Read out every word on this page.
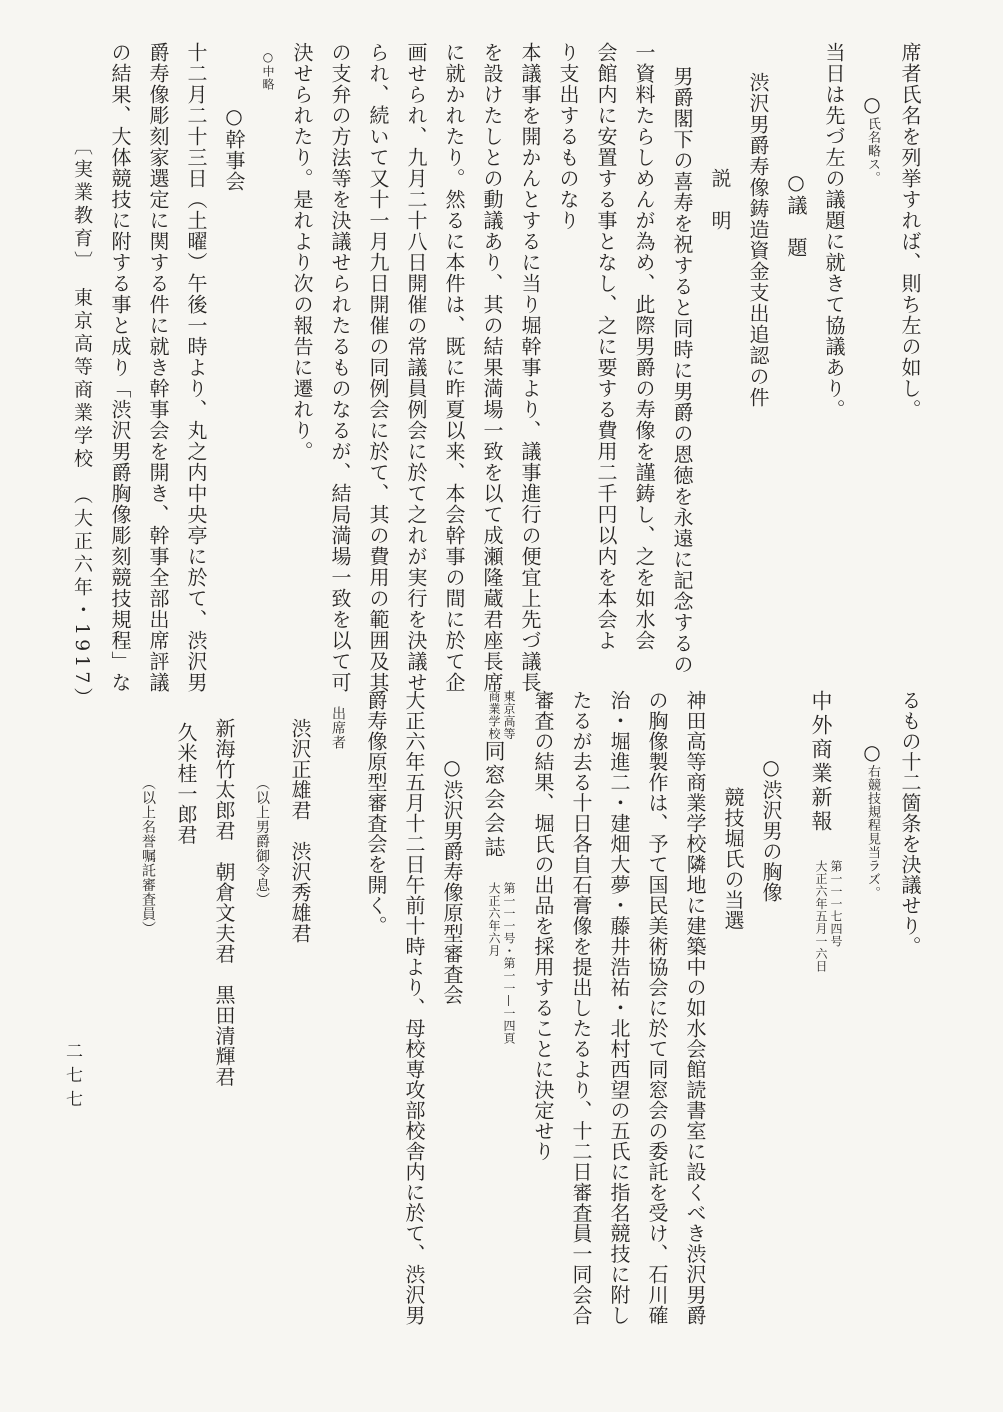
席者氏名を列挙すれば、則ち左の如し。
○氏名略ス。
当日は先づ左の議題に就きて協議あり。
○議　題
渋沢男爵寿像鋳造資金支出追認の件
説　明
男爵閣下の喜寿を祝すると同時に男爵の恩徳を永遠に記念するの
一資料たらしめんが為め、此際男爵の寿像を謹鋳し、之を如水会
会館内に安置する事となし、之に要する費用二千円以内を本会よ
り支出するものなり
本議事を開かんとするに当り堀幹事より、議事進行の便宜上先づ議長
を設けたしとの動議あり、其の結果満場一致を以て成瀬隆蔵君座長席
に就かれたり。然るに本件は、既に昨夏以来、本会幹事の間に於て企
画せられ、九月二十八日開催の常議員例会に於て之れが実行を決議せ
られ、続いて又十一月九日開催の同例会に於て、其の費用の範囲及其
の支弁の方法等を決議せられたるものなるが、結局満場一致を以て可
決せられたり。是れより次の報告に遷れり。
○中略
○幹事会
十二月二十三日（土曜）午後一時より、丸之内中央亭に於て、渋沢男
爵寿像彫刻家選定に関する件に就き幹事会を開き、幹事全部出席評議
の結果、大体競技に附する事と成り「渋沢男爵胸像彫刻競技規程」な
〔実業教育〕　東京高等商業学校　（大正六年・1917）
るもの十二箇条を決議せり。
○右競技規程見当ラズ。
中外商業新報第一一一七四号
大正六年五月一六日
○渋沢男の胸像
競技堀氏の当選
神田高等商業学校隣地に建築中の如水会館読書室に設くべき渋沢男爵
の胸像製作は、予て国民美術協会に於て同窓会の委託を受け、石川確
治・堀進二・建畑大夢・藤井浩祐・北村西望の五氏に指名競技に附し
たるが去る十日各自石膏像を提出したるより、十二日審査員一同会合
審査の結果、堀氏の出品を採用することに決定せり
東京高等
商業学校同窓会会誌第一一一号・第一一—一四頁
大正六年六月
○渋沢男爵寿像原型審査会
大正六年五月十二日午前十時より、母校専攻部校舎内に於て、渋沢男
爵寿像原型審査会を開く。
出席者
渋沢正雄君　渋沢秀雄君
（以上男爵御令息）
新海竹太郎君　朝倉文夫君　黒田清輝君
久米桂一郎君
（以上名誉嘱託審査員）
二七七
